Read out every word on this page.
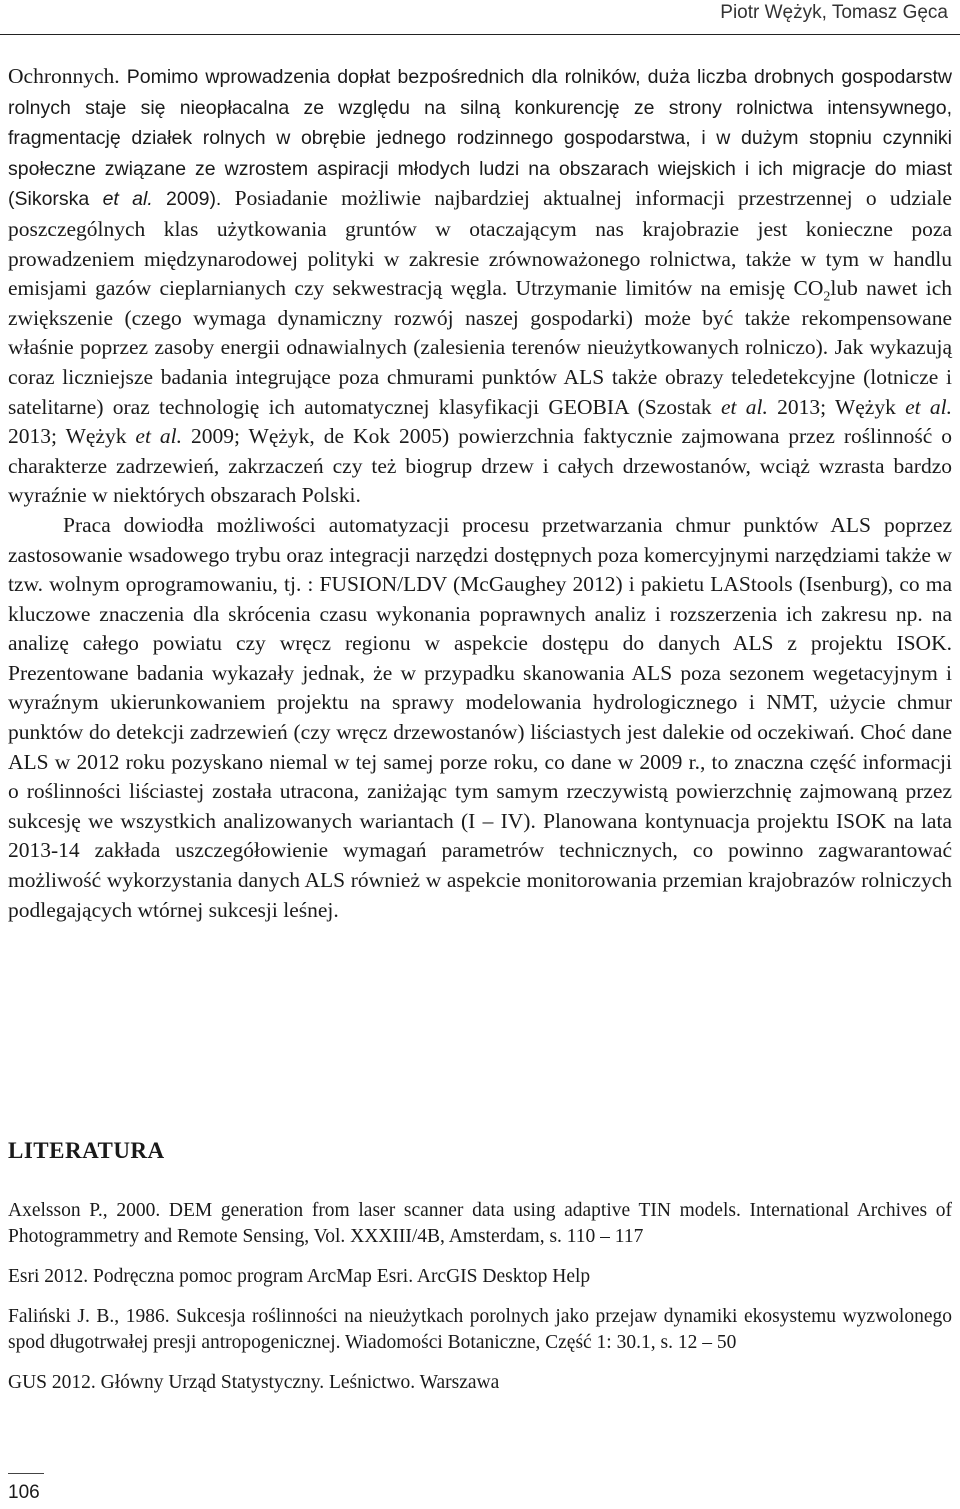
Piotr Wężyk, Tomasz Gęca

Ochronnych. Pomimo wprowadzenia dopłat bezpośrednich dla rolników, duża liczba drobnych gospodarstw rolnych staje się nieopłacalna ze względu na silną konkurencję ze strony rolnictwa intensywnego, fragmentację działek rolnych w obrębie jednego rodzinnego gospodarstwa, i w dużym stopniu czynniki społeczne związane ze wzrostem aspiracji młodych ludzi na obszarach wiejskich i ich migracje do miast (Sikorska et al. 2009). Posiadanie możliwie najbardziej aktualnej informacji przestrzennej o udziale poszczególnych klas użytkowania gruntów w otaczającym nas krajobrazie jest konieczne poza prowadzeniem międzynarodowej polityki w zakresie zrównoważonego rolnictwa, także w tym w handlu emisjami gazów cieplarnianych czy sekwestracją węgla. Utrzymanie limitów na emisję $CO_2lub$ nawet ich zwiększenie (czego wymaga dynamiczny rozwój naszej gospodarki) może być także rekompensowane właśnie poprzez zasoby energii odnawialnych (zalesienia terenów nieużytkowanych rolniczo). Jak wykazują coraz liczniejsze badania integrujące poza chmurami punktów ALS także obrazy teledetekcyjne (lotnicze i satelitarne) oraz technologię ich automatycznej klasyfikacji GEOBIA (Szostak et al. 2013; Wężyk et al. 2013; Wężyk et al. 2009; Wężyk, de Kok 2005) powierzchnia faktycznie zajmowana przez roślinność o charakterze zadrzewień, zakrzaczeń czy też biogrup drzew i całych drzewostanów, wciąż wzrasta bardzo wyraźnie w niektórych obszarach Polski.

Praca dowiodła możliwości automatyzacji procesu przetwarzania chmur punktów ALS poprzez zastosowanie wsadowego trybu oraz integracji narzędzi dostępnych poza komercyjnymi narzędziami także w tzw. wolnym oprogramowaniu, tj. : FUSION/LDV (McGaughey 2012) i pakietu LAStools (Isenburg), co ma kluczowe znaczenia dla skrócenia czasu wykonania poprawnych analiz i rozszerzenia ich zakresu np. na analizę całego powiatu czy wręcz regionu w aspekcie dostępu do danych ALS z projektu ISOK. Prezentowane badania wykazały jednak, że w przypadku skanowania ALS poza sezonem wegetacyjnym i wyraźnym ukierunkowaniem projektu na sprawy modelowania hydrologicznego i NMT, użycie chmur punktów do detekcji zadrzewień (czy wręcz drzewostanów) liściastych jest dalekie od oczekiwań. Choć dane ALS w 2012 roku pozyskano niemal w tej samej porze roku, co dane w 2009 r., to znaczna część informacji o roślinności liściastej została utracona, zaniżając tym samym rzeczywistą powierzchnię zajmowaną przez sukcesję we wszystkich analizowanych wariantach (I – IV). Planowana kontynuacja projektu ISOK na lata 2013-14 zakłada uszczegółowienie wymagań parametrów technicznych, co powinno zagwarantować możliwość wykorzystania danych ALS również w aspekcie monitorowania przemian krajobrazów rolniczych podlegających wtórnej sukcesji leśnej.

LITERATURA

Axelsson P., 2000. DEM generation from laser scanner data using adaptive TIN models. International Archives of Photogrammetry and Remote Sensing, Vol. XXXIII/4B, Amsterdam, s. 110 – 117

Esri 2012. Podręczna pomoc program ArcMap Esri. ArcGIS Desktop Help

Faliński J. B., 1986. Sukcesja roślinności na nieużytkach porolnych jako przejaw dynamiki ekosystemu wyzwolonego spod długotrwałej presji antropogenicznej. Wiadomości Botaniczne, Część 1: 30.1, s. 12 – 50

GUS 2012. Główny Urząd Statystyczny. Leśnictwo. Warszawa

106
